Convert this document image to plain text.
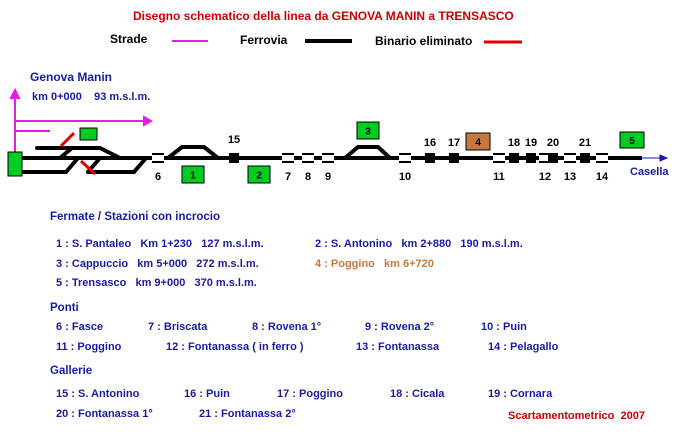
6	7 8 9	10	11	12 13 14
15	16 17	18 19 20 21
1	2
3
4	5
Disegno schematico della linea da GENOVA MANIN a TRENSASCO
Strade	Ferrovia	Binario eliminato
Genova Manin
km 0+000    93 m.s.l.m.
Casella
Fermate / Stazioni con incrocio
1 : S. Pantaleo   Km 1+230   127 m.s.l.m.	2 : S. Antonino   km 2+880   190 m.s.l.m.
3 : Cappuccio   km 5+000   272 m.s.l.m.	4 : Poggino   km 6+720
5 : Trensasco   km 9+000   370 m.s.l.m.
Ponti
6 : Fasce	7 : Briscata	8 : Rovena 1°	9 : Rovena 2°	10 : Puin
11 : Poggino	12 : Fontanassa ( in ferro )	13 : Fontanassa	14 : Pelagallo
Gallerie
15 : S. Antonino	16 : Puin	17 : Poggino	18 : Cicala	19 : Cornara
20 : Fontanassa 1°	21 : Fontanassa 2°	Scartamentometrico  2007
